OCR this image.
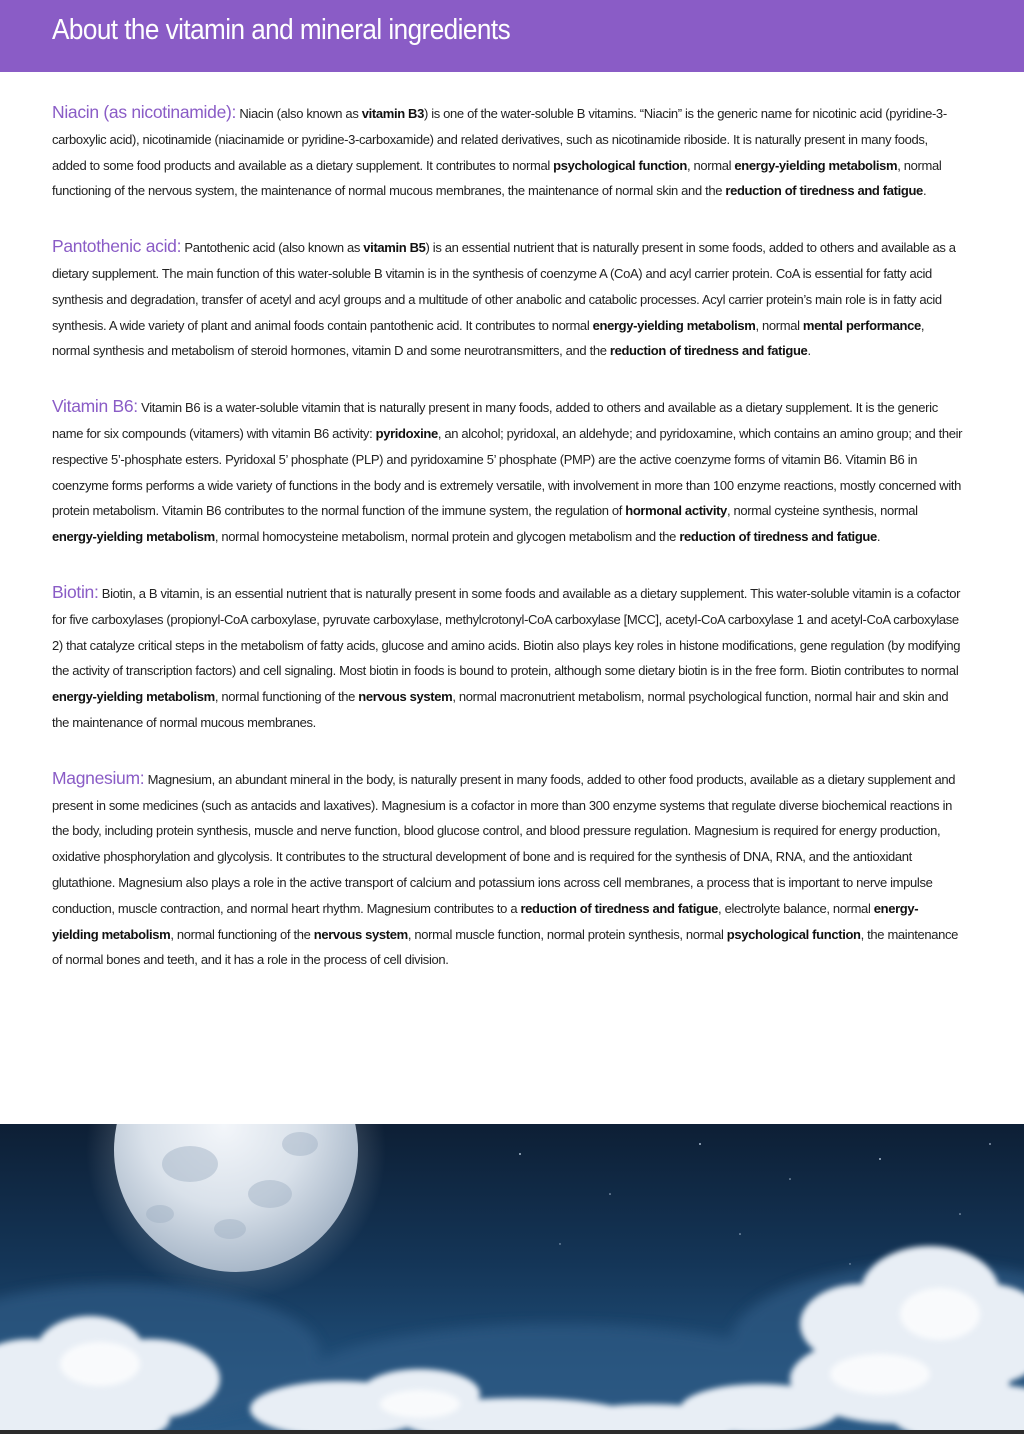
About the vitamin and mineral ingredients

Niacin (as nicotinamide): Niacin (also known as vitamin B3) is one of the water-soluble B vitamins. “Niacin” is the generic name for nicotinic acid (pyridine-3-carboxylic acid), nicotinamide (niacinamide or pyridine-3-carboxamide) and related derivatives, such as nicotinamide riboside. It is naturally present in many foods, added to some food products and available as a dietary supplement. It contributes to normal psychological function, normal energy-yielding metabolism, normal functioning of the nervous system, the maintenance of normal mucous membranes, the maintenance of normal skin and the reduction of tiredness and fatigue.

Pantothenic acid: Pantothenic acid (also known as vitamin B5) is an essential nutrient that is naturally present in some foods, added to others and available as a dietary supplement. The main function of this water-soluble B vitamin is in the synthesis of coenzyme A (CoA) and acyl carrier protein. CoA is essential for fatty acid synthesis and degradation, transfer of acetyl and acyl groups and a multitude of other anabolic and catabolic processes. Acyl carrier protein’s main role is in fatty acid synthesis. A wide variety of plant and animal foods contain pantothenic acid. It contributes to normal energy-yielding metabolism, normal mental performance, normal synthesis and metabolism of steroid hormones, vitamin D and some neurotransmitters, and the reduction of tiredness and fatigue.

Vitamin B6: Vitamin B6 is a water-soluble vitamin that is naturally present in many foods, added to others and available as a dietary supplement. It is the generic name for six compounds (vitamers) with vitamin B6 activity: pyridoxine, an alcohol; pyridoxal, an aldehyde; and pyridoxamine, which contains an amino group; and their respective 5’-phosphate esters. Pyridoxal 5’ phosphate (PLP) and pyridoxamine 5’ phosphate (PMP) are the active coenzyme forms of vitamin B6. Vitamin B6 in coenzyme forms performs a wide variety of functions in the body and is extremely versatile, with involvement in more than 100 enzyme reactions, mostly concerned with protein metabolism. Vitamin B6 contributes to the normal function of the immune system, the regulation of hormonal activity, normal cysteine synthesis, normal energy-yielding metabolism, normal homocysteine metabolism, normal protein and glycogen metabolism and the reduction of tiredness and fatigue.

Biotin: Biotin, a B vitamin, is an essential nutrient that is naturally present in some foods and available as a dietary supplement. This water-soluble vitamin is a cofactor for five carboxylases (propionyl-CoA carboxylase, pyruvate carboxylase, methylcrotonyl-CoA carboxylase [MCC], acetyl-CoA carboxylase 1 and acetyl-CoA carboxylase 2) that catalyze critical steps in the metabolism of fatty acids, glucose and amino acids. Biotin also plays key roles in histone modifications, gene regulation (by modifying the activity of transcription factors) and cell signaling. Most biotin in foods is bound to protein, although some dietary biotin is in the free form. Biotin contributes to normal energy-yielding metabolism, normal functioning of the nervous system, normal macronutrient metabolism, normal psychological function, normal hair and skin and the maintenance of normal mucous membranes.

Magnesium: Magnesium, an abundant mineral in the body, is naturally present in many foods, added to other food products, available as a dietary supplement and present in some medicines (such as antacids and laxatives). Magnesium is a cofactor in more than 300 enzyme systems that regulate diverse biochemical reactions in the body, including protein synthesis, muscle and nerve function, blood glucose control, and blood pressure regulation. Magnesium is required for energy production, oxidative phosphorylation and glycolysis. It contributes to the structural development of bone and is required for the synthesis of DNA, RNA, and the antioxidant glutathione. Magnesium also plays a role in the active transport of calcium and potassium ions across cell membranes, a process that is important to nerve impulse conduction, muscle contraction, and normal heart rhythm. Magnesium contributes to a reduction of tiredness and fatigue, electrolyte balance, normal energy-yielding metabolism, normal functioning of the nervous system, normal muscle function, normal protein synthesis, normal psychological function, the maintenance of normal bones and teeth, and it has a role in the process of cell division.
